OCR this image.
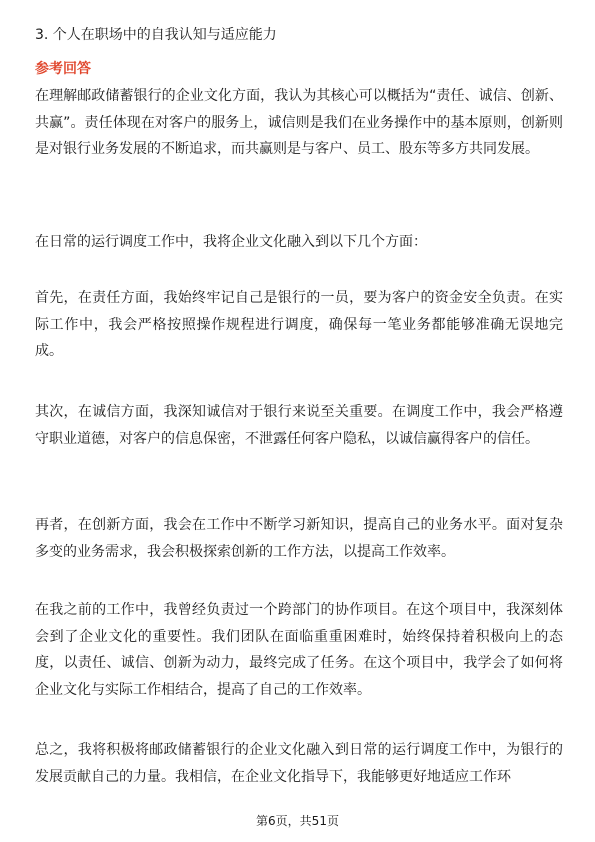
3. 个人在职场中的自我认知与适应能力
参考回答

在理解邮政储蓄银行的企业文化方面，我认为其核心可以概括为“责任、诚信、创新、共赢”。责任体现在对客户的服务上，诚信则是我们在业务操作中的基本原则，创新则是对银行业务发展的不断追求，而共赢则是与客户、员工、股东等多方共同发展。

在日常的运行调度工作中，我将企业文化融入到以下几个方面：

首先，在责任方面，我始终牢记自己是银行的一员，要为客户的资金安全负责。在实际工作中，我会严格按照操作规程进行调度，确保每一笔业务都能够准确无误地完成。

其次，在诚信方面，我深知诚信对于银行来说至关重要。在调度工作中，我会严格遵守职业道德，对客户的信息保密，不泄露任何客户隐私，以诚信赢得客户的信任。

再者，在创新方面，我会在工作中不断学习新知识，提高自己的业务水平。面对复杂多变的业务需求，我会积极探索创新的工作方法，以提高工作效率。

在我之前的工作中，我曾经负责过一个跨部门的协作项目。在这个项目中，我深刻体会到了企业文化的重要性。我们团队在面临重重困难时，始终保持着积极向上的态度，以责任、诚信、创新为动力，最终完成了任务。在这个项目中，我学会了如何将企业文化与实际工作相结合，提高了自己的工作效率。

总之，我将积极将邮政储蓄银行的企业文化融入到日常的运行调度工作中，为银行的发展贡献自己的力量。我相信，在企业文化指导下，我能够更好地适应工作环

第6页，共51页
